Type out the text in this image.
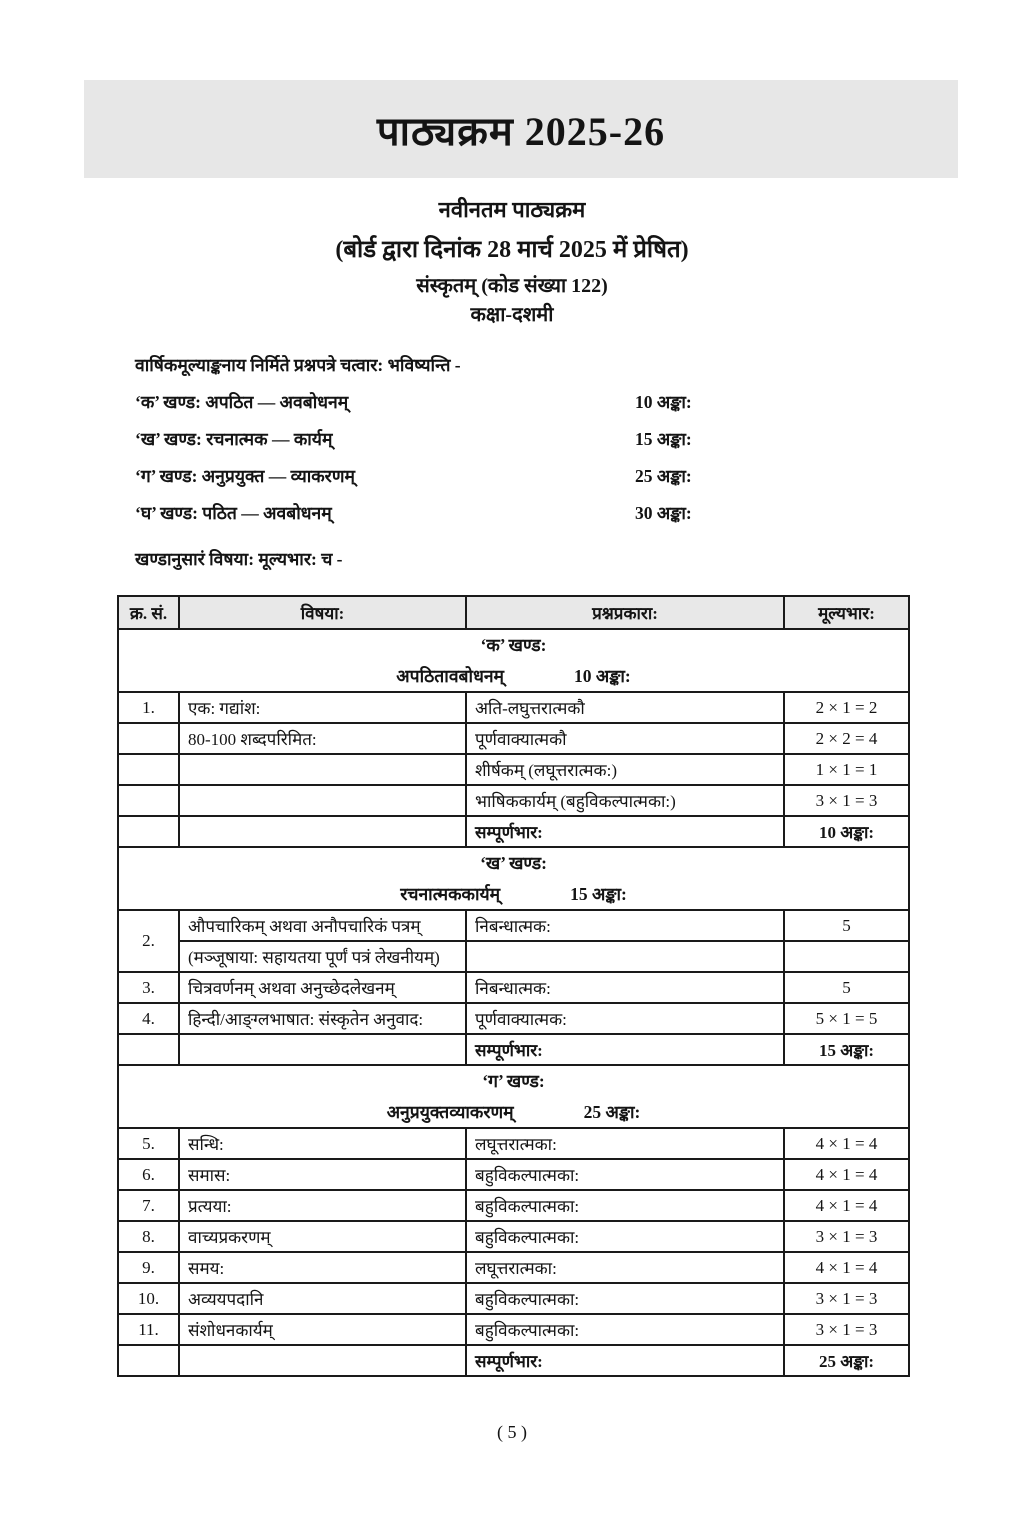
पाठ्यक्रम 2025-26
नवीनतम पाठ्यक्रम
(बोर्ड द्वारा दिनांक 28 मार्च 2025 में प्रेषित)
संस्कृतम् (कोड संख्या 122)
कक्षा-दशमी
वार्षिकमूल्याङ्कनाय निर्मिते प्रश्नपत्रे चत्वार: भविष्यन्ति -
‘क’ खण्ड: अपठित — अवबोधनम्	10 अङ्का:
‘ख’ खण्ड: रचनात्मक — कार्यम्	15 अङ्का:
‘ग’ खण्ड: अनुप्रयुक्त — व्याकरणम्	25 अङ्का:
‘घ’ खण्ड: पठित — अवबोधनम्	30 अङ्का:
खण्डानुसारं विषया: मूल्यभार: च -
क्र. सं.	विषया:	प्रश्नप्रकारा:	मूल्यभार:

‘क’ खण्ड:
अपठितावबोधनम् 10 अङ्का:			

1.	एक: गद्यांश:	अति-लघुत्तरात्मकौ	2 × 1 = 2
	80-100 शब्दपरिमित:	पूर्णवाक्यात्मकौ	2 × 2 = 4
		शीर्षकम् (लघूत्तरात्मक:)	1 × 1 = 1
		भाषिककार्यम् (बहुविकल्पात्मका:)	3 × 1 = 3
		सम्पूर्णभार:	10 अङ्का:

‘ख’ खण्ड:
रचनात्मककार्यम् 15 अङ्का:			

2.	औपचारिकम् अथवा अनौपचारिकं पत्रम्	निबन्धात्मक:	5
	(मञ्जूषाया: सहायतया पूर्णं पत्रं लेखनीयम्)		
3.	चित्रवर्णनम् अथवा अनुच्छेदलेखनम्	निबन्धात्मक:	5
4.	हिन्दी/आङ्ग्लभाषात: संस्कृतेन अनुवाद:	पूर्णवाक्यात्मक:	5 × 1 = 5
		सम्पूर्णभार:	15 अङ्का:

‘ग’ खण्ड:
अनुप्रयुक्तव्याकरणम् 25 अङ्का:			

5.	सन्धि:	लघूत्तरात्मका:	4 × 1 = 4
6.	समास:	बहुविकल्पात्मका:	4 × 1 = 4
7.	प्रत्यया:	बहुविकल्पात्मका:	4 × 1 = 4
8.	वाच्यप्रकरणम्	बहुविकल्पात्मका:	3 × 1 = 3
9.	समय:	लघूत्तरात्मका:	4 × 1 = 4
10.	अव्ययपदानि	बहुविकल्पात्मका:	3 × 1 = 3
11.	संशोधनकार्यम्	बहुविकल्पात्मका:	3 × 1 = 3
		सम्पूर्णभार:	25 अङ्का:
( 5 )
